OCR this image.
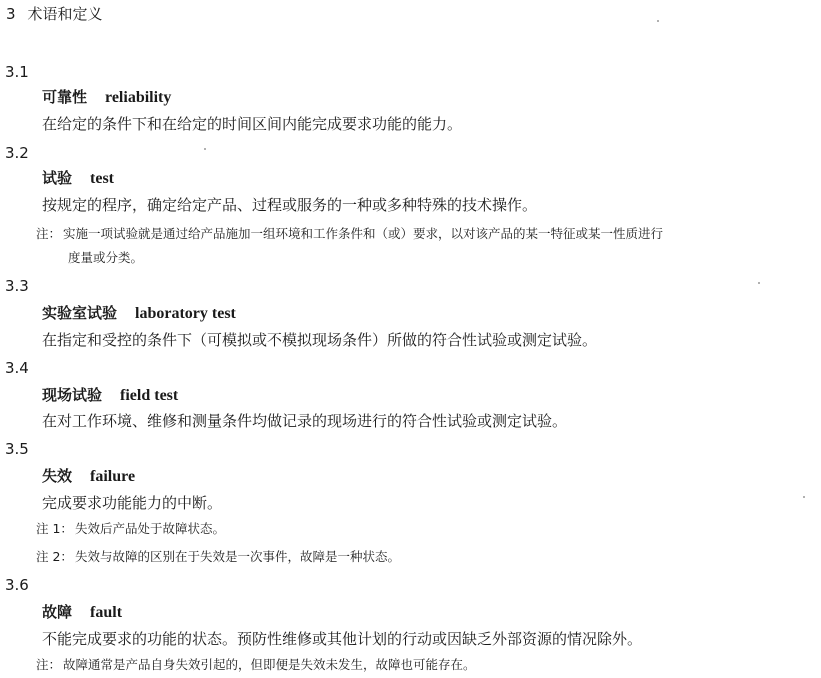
3 术语和定义
3.1
可靠性 reliability
在给定的条件下和在给定的时间区间内能完成要求功能的能力。
3.2
试验 test
按规定的程序，确定给定产品、过程或服务的一种或多种特殊的技术操作。
注： 实施一项试验就是通过给产品施加一组环境和工作条件和（或）要求，以对该产品的某一特征或某一性质进行
度量或分类。
3.3
实验室试验 laboratory test
在指定和受控的条件下（可模拟或不模拟现场条件）所做的符合性试验或测定试验。
3.4
现场试验 field test
在对工作环境、维修和测量条件均做记录的现场进行的符合性试验或测定试验。
3.5
失效 failure
完成要求功能能力的中断。
注 1： 失效后产品处于故障状态。
注 2： 失效与故障的区别在于失效是一次事件，故障是一种状态。
3.6
故障 fault
不能完成要求的功能的状态。预防性维修或其他计划的行动或因缺乏外部资源的情况除外。
注： 故障通常是产品自身失效引起的，但即便是失效未发生，故障也可能存在。
